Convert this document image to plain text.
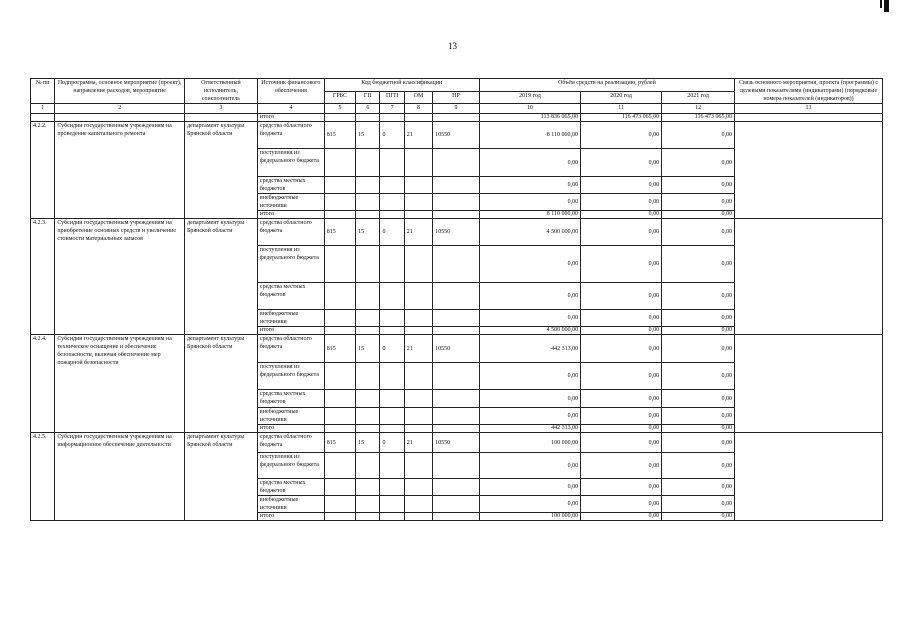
13
№ пп	Подпрограмма, основное мероприятие (проект), направление расходов, мероприятие	Ответственный исполнитель, соисполнитель	Источник финансового обеспечения	Код бюджетной классификации					Объём средств на реализацию, рублей			Связь основного мероприятия, проекта (программы) с целевыми показателями (индикаторами) (порядковые номера показателей (индикаторов))
				ГРБС	ГП	ПГП	ОМ	НР	2019 год	2020 год	2021 год	
1	2	3	4	5	6	7	8	9	10	11	12	13
			итого						113 836 065,00	116 473 065,00	116 473 065,00	
4.2.2.	Субсидии государственным учреждениям на проведение капитального ремонта	департамент культуры Брянской области	средства областного бюджета	815	15	0	21	10550	8 110 000,00	0,00	0,00	
			поступления из федерального бюджета						0,00	0,00	0,00	
			средства местных бюджетов						0,00	0,00	0,00	
			внебюджетные источники						0,00	0,00	0,00	
			итого						8 110 000,00	0,00	0,00	
4.2.3.	Субсидии государственным учреждениям на приобретение основных средств и увеличение стоимости материальных запасов	департамент культуры Брянской области	средства областного бюджета	815	15	0	21	10550	4 500 000,00	0,00	0,00	
			поступления из федерального бюджета						0,00	0,00	0,00	
			средства местных бюджетов						0,00	0,00	0,00	
			внебюджетные источники						0,00	0,00	0,00	
			итого						4 500 000,00	0,00	0,00	
4.2.4.	Субсидии государственным учреждениям на техническое оснащение и обеспечение безопасности, включая обеспечение мер пожарной безопасности	департамент культуры Брянской области	средства областного бюджета	815	15	0	21	10550	442 313,00	0,00	0,00	
			поступления из федерального бюджета						0,00	0,00	0,00	
			средства местных бюджетов						0,00	0,00	0,00	
			внебюджетные источники						0,00	0,00	0,00	
			итого						442 313,00	0,00	0,00	
4.2.5.	Субсидии государственным учреждениям на информационное обеспечение деятельности	департамент культуры Брянской области	средства областного бюджета	815	15	0	21	10550	100 000,00	0,00	0,00	
			поступления из федерального бюджета						0,00	0,00	0,00	
			средства местных бюджетов						0,00	0,00	0,00	
			внебюджетные источники						0,00	0,00	0,00	
			итого						100 000,00	0,00	0,00	
